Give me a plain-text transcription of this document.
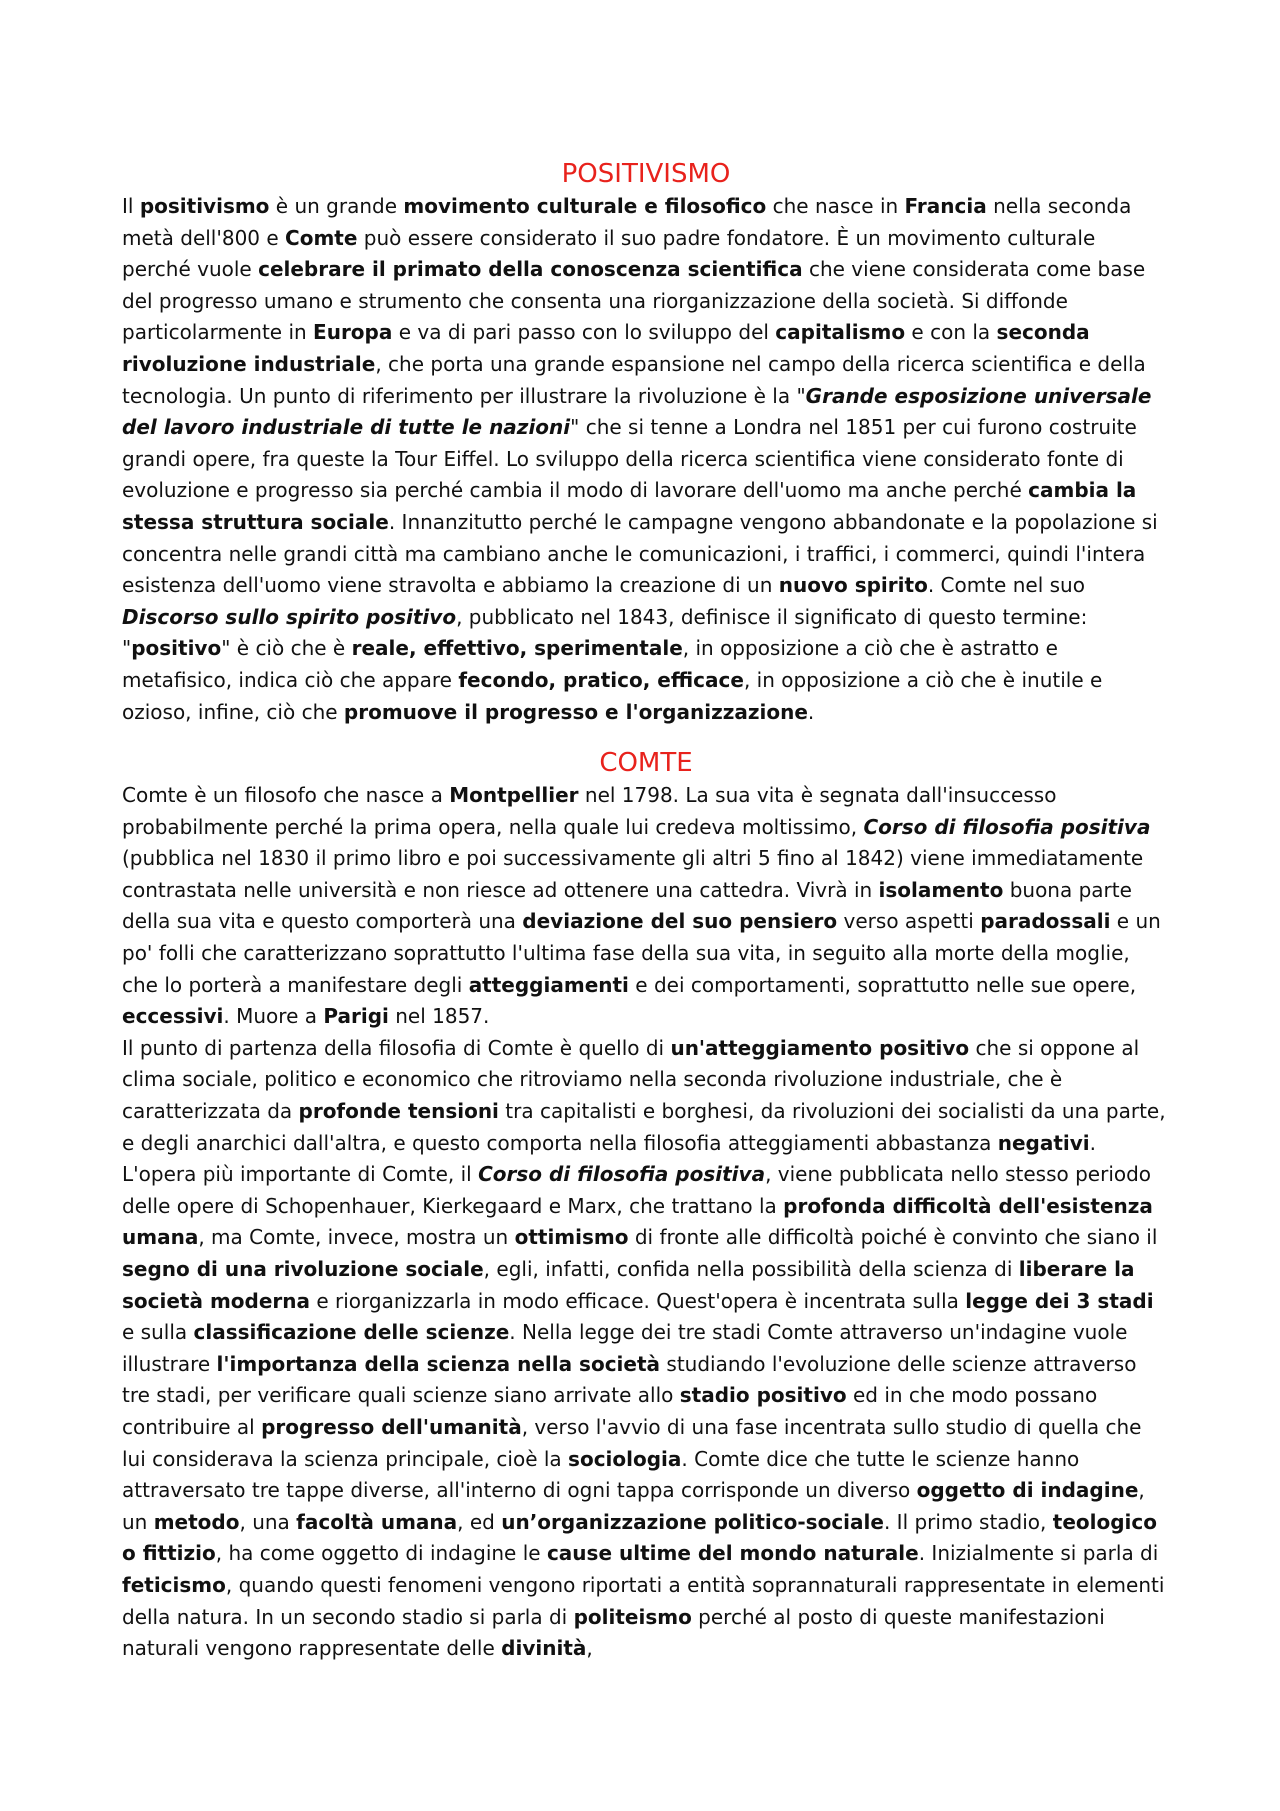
POSITIVISMO

Il positivismo è un grande movimento culturale e filosofico che nasce in Francia nella seconda metà dell'800 e Comte può essere considerato il suo padre fondatore. È un movimento culturale perché vuole celebrare il primato della conoscenza scientifica che viene considerata come base del progresso umano e strumento che consenta una riorganizzazione della società. Si diffonde particolarmente in Europa e va di pari passo con lo sviluppo del capitalismo e con la seconda rivoluzione industriale, che porta una grande espansione nel campo della ricerca scientifica e della tecnologia. Un punto di riferimento per illustrare la rivoluzione è la "Grande esposizione universale del lavoro industriale di tutte le nazioni" che si tenne a Londra nel 1851 per cui furono costruite grandi opere, fra queste la Tour Eiffel. Lo sviluppo della ricerca scientifica viene considerato fonte di evoluzione e progresso sia perché cambia il modo di lavorare dell'uomo ma anche perché cambia la stessa struttura sociale. Innanzitutto perché le campagne vengono abbandonate e la popolazione si concentra nelle grandi città ma cambiano anche le comunicazioni, i traffici, i commerci, quindi l'intera esistenza dell'uomo viene stravolta e abbiamo la creazione di un nuovo spirito. Comte nel suo Discorso sullo spirito positivo, pubblicato nel 1843, definisce il significato di questo termine: "positivo" è ciò che è reale, effettivo, sperimentale, in opposizione a ciò che è astratto e metafisico, indica ciò che appare fecondo, pratico, efficace, in opposizione a ciò che è inutile e ozioso, infine, ciò che promuove il progresso e l'organizzazione.

COMTE

Comte è un filosofo che nasce a Montpellier nel 1798. La sua vita è segnata dall'insuccesso probabilmente perché la prima opera, nella quale lui credeva moltissimo, Corso di filosofia positiva (pubblica nel 1830 il primo libro e poi successivamente gli altri 5 fino al 1842) viene immediatamente contrastata nelle università e non riesce ad ottenere una cattedra. Vivrà in isolamento buona parte della sua vita e questo comporterà una deviazione del suo pensiero verso aspetti paradossali e un po' folli che caratterizzano soprattutto l'ultima fase della sua vita, in seguito alla morte della moglie, che lo porterà a manifestare degli atteggiamenti e dei comportamenti, soprattutto nelle sue opere, eccessivi. Muore a Parigi nel 1857.

Il punto di partenza della filosofia di Comte è quello di un'atteggiamento positivo che si oppone al clima sociale, politico e economico che ritroviamo nella seconda rivoluzione industriale, che è caratterizzata da profonde tensioni tra capitalisti e borghesi, da rivoluzioni dei socialisti da una parte, e degli anarchici dall'altra, e questo comporta nella filosofia atteggiamenti abbastanza negativi. L'opera più importante di Comte, il Corso di filosofia positiva, viene pubblicata nello stesso periodo delle opere di Schopenhauer, Kierkegaard e Marx, che trattano la profonda difficoltà dell'esistenza umana, ma Comte, invece, mostra un ottimismo di fronte alle difficoltà poiché è convinto che siano il segno di una rivoluzione sociale, egli, infatti, confida nella possibilità della scienza di liberare la società moderna e riorganizzarla in modo efficace. Quest'opera è incentrata sulla legge dei 3 stadi e sulla classificazione delle scienze. Nella legge dei tre stadi Comte attraverso un'indagine vuole illustrare l'importanza della scienza nella società studiando l'evoluzione delle scienze attraverso tre stadi, per verificare quali scienze siano arrivate allo stadio positivo ed in che modo possano contribuire al progresso dell'umanità, verso l'avvio di una fase incentrata sullo studio di quella che lui considerava la scienza principale, cioè la sociologia. Comte dice che tutte le scienze hanno attraversato tre tappe diverse, all'interno di ogni tappa corrisponde un diverso oggetto di indagine, un metodo, una facoltà umana, ed un’organizzazione politico-sociale. Il primo stadio, teologico o fittizio, ha come oggetto di indagine le cause ultime del mondo naturale. Inizialmente si parla di feticismo, quando questi fenomeni vengono riportati a entità soprannaturali rappresentate in elementi della natura. In un secondo stadio si parla di politeismo perché al posto di queste manifestazioni naturali vengono rappresentate delle divinità,
